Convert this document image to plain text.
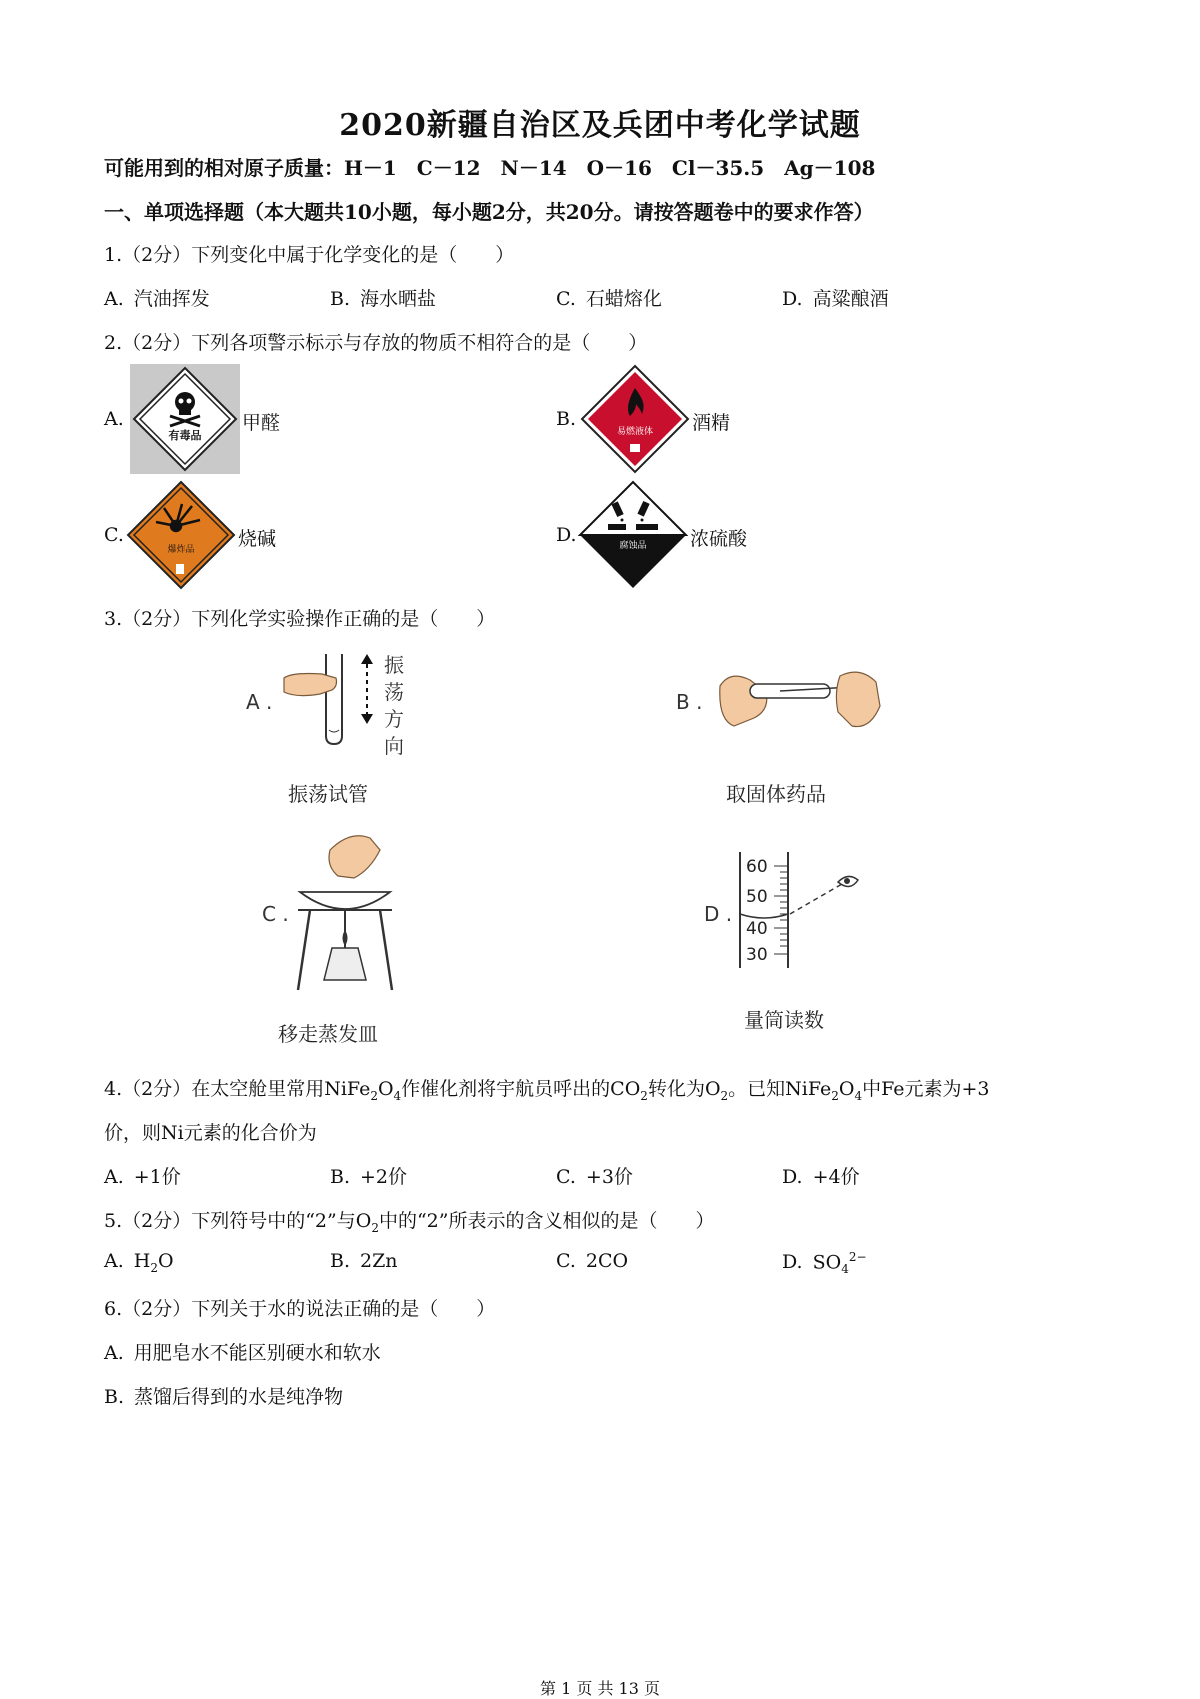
2020新疆自治区及兵团中考化学试题
可能用到的相对原子质量：H－1　C－12　N－14　O－16　Cl－35.5　Ag－108
一、单项选择题（本大题共10小题，每小题2分，共20分。请按答题卷中的要求作答）
1.（2分）下列变化中属于化学变化的是（　　）
A. 汽油挥发	B. 海水晒盐	C. 石蜡熔化	D. 高粱酿酒
2.（2分）下列各项警示标示与存放的物质不相符合的是（　　）
A.
有毒品
甲醛	B.
易燃液体 酒精
C.
爆炸品 烧碱	D.	腐蚀品 浓硫酸
3.（2分）下列化学实验操作正确的是（　　）
A .
振
荡
方
向
振荡试管
B .
取固体药品
C .
移走蒸发皿
D .
60
50
40
30
量筒读数
4.（2分）在太空舱里常用$NiFe_2O_4$作催化剂将宇航员呼出的$CO_2$转化为$O_2$。已知$NiFe_2O_4$中Fe元素为+3
价，则Ni元素的化合价为
A. +1价	B. +2价	C. +3价	D. +4价
5.（2分）下列符号中的“2”与$O_2$中的“2”所表示的含义相似的是（　　）
A. $H_2O$	B. 2Zn	C. 2CO	D. $SO_4^{2-}$
6.（2分）下列关于水的说法正确的是（　　）
A. 用肥皂水不能区别硬水和软水
B. 蒸馏后得到的水是纯净物
第 1 页 共 13 页
